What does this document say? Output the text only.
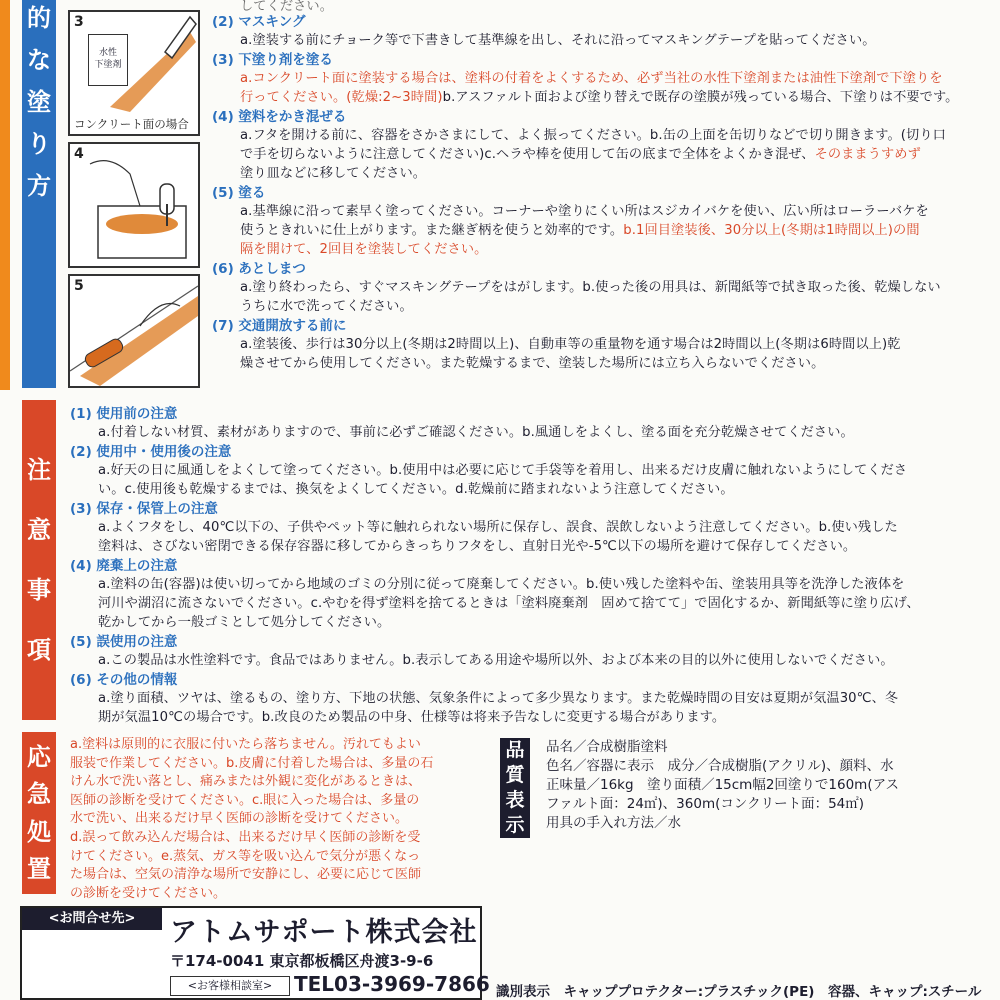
的
な
塗
り
方
注
意
事
項
応
急
処
置
3
水性
下塗剤
コンクリート面の場合
4
5
してください。
(2) マスキング
a.塗装する前にチョーク等で下書きして基準線を出し、それに沿ってマスキングテープを貼ってください。
(3) 下塗り剤を塗る
a.コンクリート面に塗装する場合は、塗料の付着をよくするため、必ず当社の水性下塗剤または油性下塗剤で下塗りを
行ってください。(乾燥:2~3時間)b.アスファルト面および塗り替えで既存の塗膜が残っている場合、下塗りは不要です。
(4) 塗料をかき混ぜる
a.フタを開ける前に、容器をさかさまにして、よく振ってください。b.缶の上面を缶切りなどで切り開きます。(切り口
で手を切らないように注意してください)c.ヘラや棒を使用して缶の底まで全体をよくかき混ぜ、そのままうすめず
塗り皿などに移してください。
(5) 塗る
a.基準線に沿って素早く塗ってください。コーナーや塗りにくい所はスジカイバケを使い、広い所はローラーバケを
使うときれいに仕上がります。また継ぎ柄を使うと効率的です。b.1回目塗装後、30分以上(冬期は1時間以上)の間
隔を開けて、2回目を塗装してください。
(6) あとしまつ
a.塗り終わったら、すぐマスキングテープをはがします。b.使った後の用具は、新聞紙等で拭き取った後、乾燥しない
うちに水で洗ってください。
(7) 交通開放する前に
a.塗装後、歩行は30分以上(冬期は2時間以上)、自動車等の重量物を通す場合は2時間以上(冬期は6時間以上)乾
燥させてから使用してください。また乾燥するまで、塗装した場所には立ち入らないでください。
(1) 使用前の注意
a.付着しない材質、素材がありますので、事前に必ずご確認ください。b.風通しをよくし、塗る面を充分乾燥させてください。
(2) 使用中・使用後の注意
a.好天の日に風通しをよくして塗ってください。b.使用中は必要に応じて手袋等を着用し、出来るだけ皮膚に触れないようにしてくださ
い。c.使用後も乾燥するまでは、換気をよくしてください。d.乾燥前に踏まれないよう注意してください。
(3) 保存・保管上の注意
a.よくフタをし、40℃以下の、子供やペット等に触れられない場所に保存し、誤食、誤飲しないよう注意してください。b.使い残した
塗料は、さびない密閉できる保存容器に移してからきっちりフタをし、直射日光や-5℃以下の場所を避けて保存してください。
(4) 廃棄上の注意
a.塗料の缶(容器)は使い切ってから地域のゴミの分別に従って廃棄してください。b.使い残した塗料や缶、塗装用具等を洗浄した液体を
河川や湖沼に流さないでください。c.やむを得ず塗料を捨てるときは「塗料廃棄剤　固めて捨てて」で固化するか、新聞紙等に塗り広げ、
乾かしてから一般ゴミとして処分してください。
(5) 誤使用の注意
a.この製品は水性塗料です。食品ではありません。b.表示してある用途や場所以外、および本来の目的以外に使用しないでください。
(6) その他の情報
a.塗り面積、ツヤは、塗るもの、塗り方、下地の状態、気象条件によって多少異なります。また乾燥時間の目安は夏期が気温30℃、冬
期が気温10℃の場合です。b.改良のため製品の中身、仕様等は将来予告なしに変更する場合があります。
a.塗料は原則的に衣服に付いたら落ちません。汚れてもよい
服装で作業してください。b.皮膚に付着した場合は、多量の石
けん水で洗い落とし、痛みまたは外観に変化があるときは、
医師の診断を受けてください。c.眼に入った場合は、多量の
水で洗い、出来るだけ早く医師の診断を受けてください。
d.誤って飲み込んだ場合は、出来るだけ早く医師の診断を受
けてください。e.蒸気、ガス等を吸い込んで気分が悪くなっ
た場合は、空気の清浄な場所で安静にし、必要に応じて医師
の診断を受けてください。
品
質
表
示
品名／合成樹脂塗料
色名／容器に表示　成分／合成樹脂(アクリル)、顔料、水
正味量／16kg　塗り面積／15cm幅2回塗りで160m(アス
ファルト面：24㎡)、360m(コンクリート面：54㎡)
用具の手入れ方法／水
<お問合せ先>	アトムサポート株式会社
〒174-0041 東京都板橋区舟渡3-9-6
<お客様相談室>	TEL03-3969-7866 識別表示　キャッププロテクター:プラスチック(PE)　容器、キャップ:スチール
